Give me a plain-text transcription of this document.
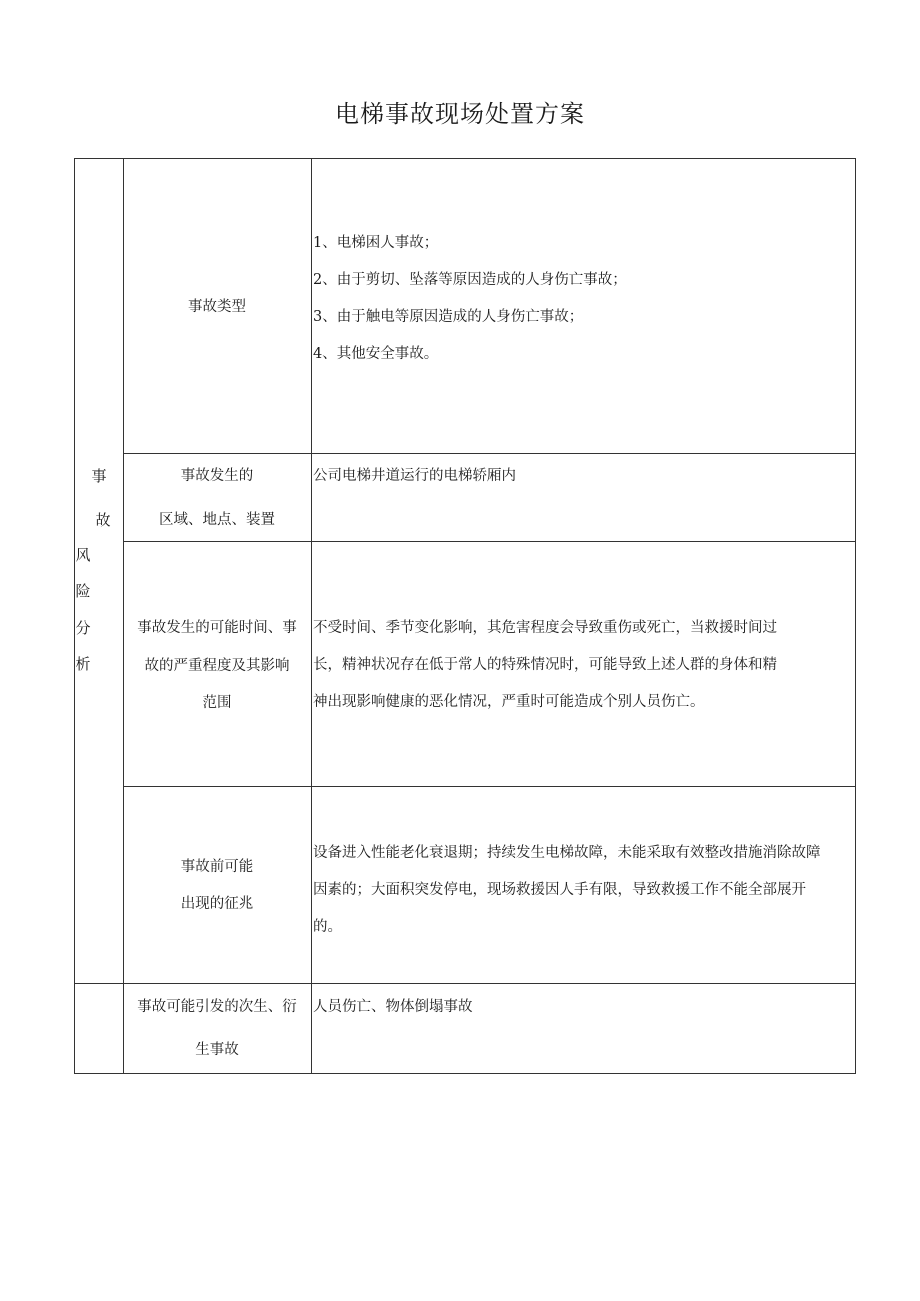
电梯事故现场处置方案
事
故
风
险
分
析
事故类型
1、电梯困人事故；
2、由于剪切、坠落等原因造成的人身伤亡事故；
3、由于触电等原因造成的人身伤亡事故；
4、其他安全事故。
事故发生的
区域、地点、装置
公司电梯井道运行的电梯轿厢内
事故发生的可能时间、事
故的严重程度及其影响
范围
不受时间、季节变化影响，其危害程度会导致重伤或死亡，当救援时间过
长，精神状况存在低于常人的特殊情况时，可能导致上述人群的身体和精
神出现影响健康的恶化情况，严重时可能造成个别人员伤亡。
事故前可能
出现的征兆
设备进入性能老化衰退期；持续发生电梯故障，未能采取有效整改措施消除故障
因素的；大面积突发停电，现场救援因人手有限，导致救援工作不能全部展开
的。
事故可能引发的次生、衍
生事故
人员伤亡、物体倒塌事故
